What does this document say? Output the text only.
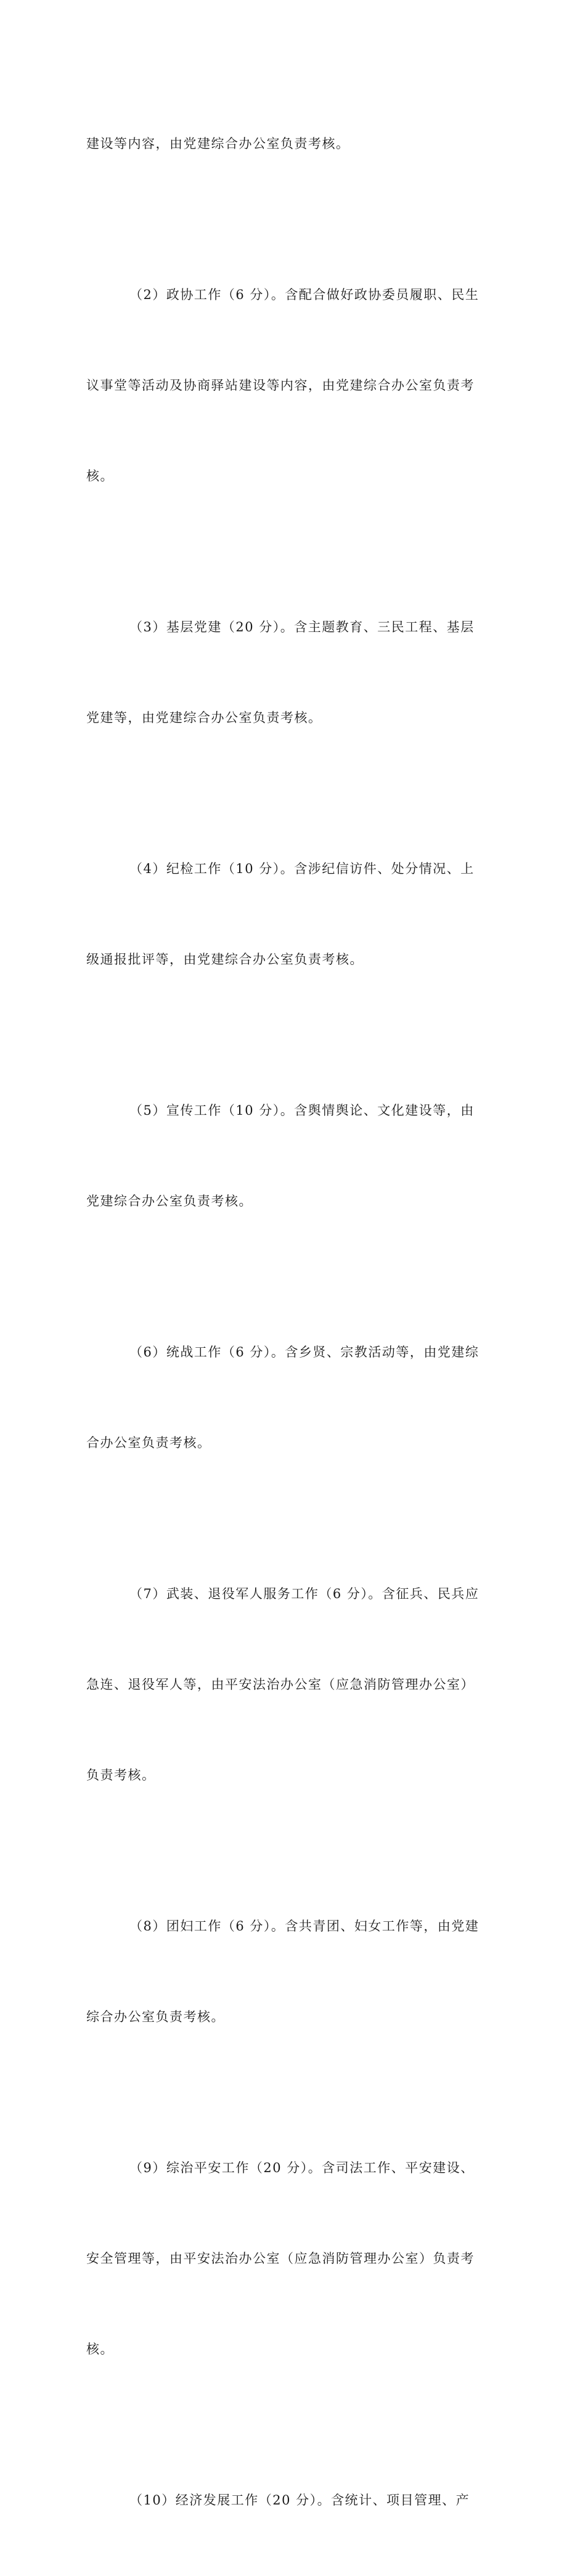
建设等内容，由党建综合办公室负责考核。

（2）政协工作（6 分）。含配合做好政协委员履职、民生

议事堂等活动及协商驿站建设等内容，由党建综合办公室负责考

核。

（3）基层党建（20 分）。含主题教育、三民工程、基层

党建等，由党建综合办公室负责考核。

（4）纪检工作（10 分）。含涉纪信访件、处分情况、上

级通报批评等，由党建综合办公室负责考核。

（5）宣传工作（10 分）。含舆情舆论、文化建设等，由

党建综合办公室负责考核。

（6）统战工作（6 分）。含乡贤、宗教活动等，由党建综

合办公室负责考核。

（7）武装、退役军人服务工作（6 分）。含征兵、民兵应

急连、退役军人等，由平安法治办公室（应急消防管理办公室）

负责考核。

（8）团妇工作（6 分）。含共青团、妇女工作等，由党建

综合办公室负责考核。

（9）综治平安工作（20 分）。含司法工作、平安建设、

安全管理等，由平安法治办公室（应急消防管理办公室）负责考

核。

（10）经济发展工作（20 分）。含统计、项目管理、产
